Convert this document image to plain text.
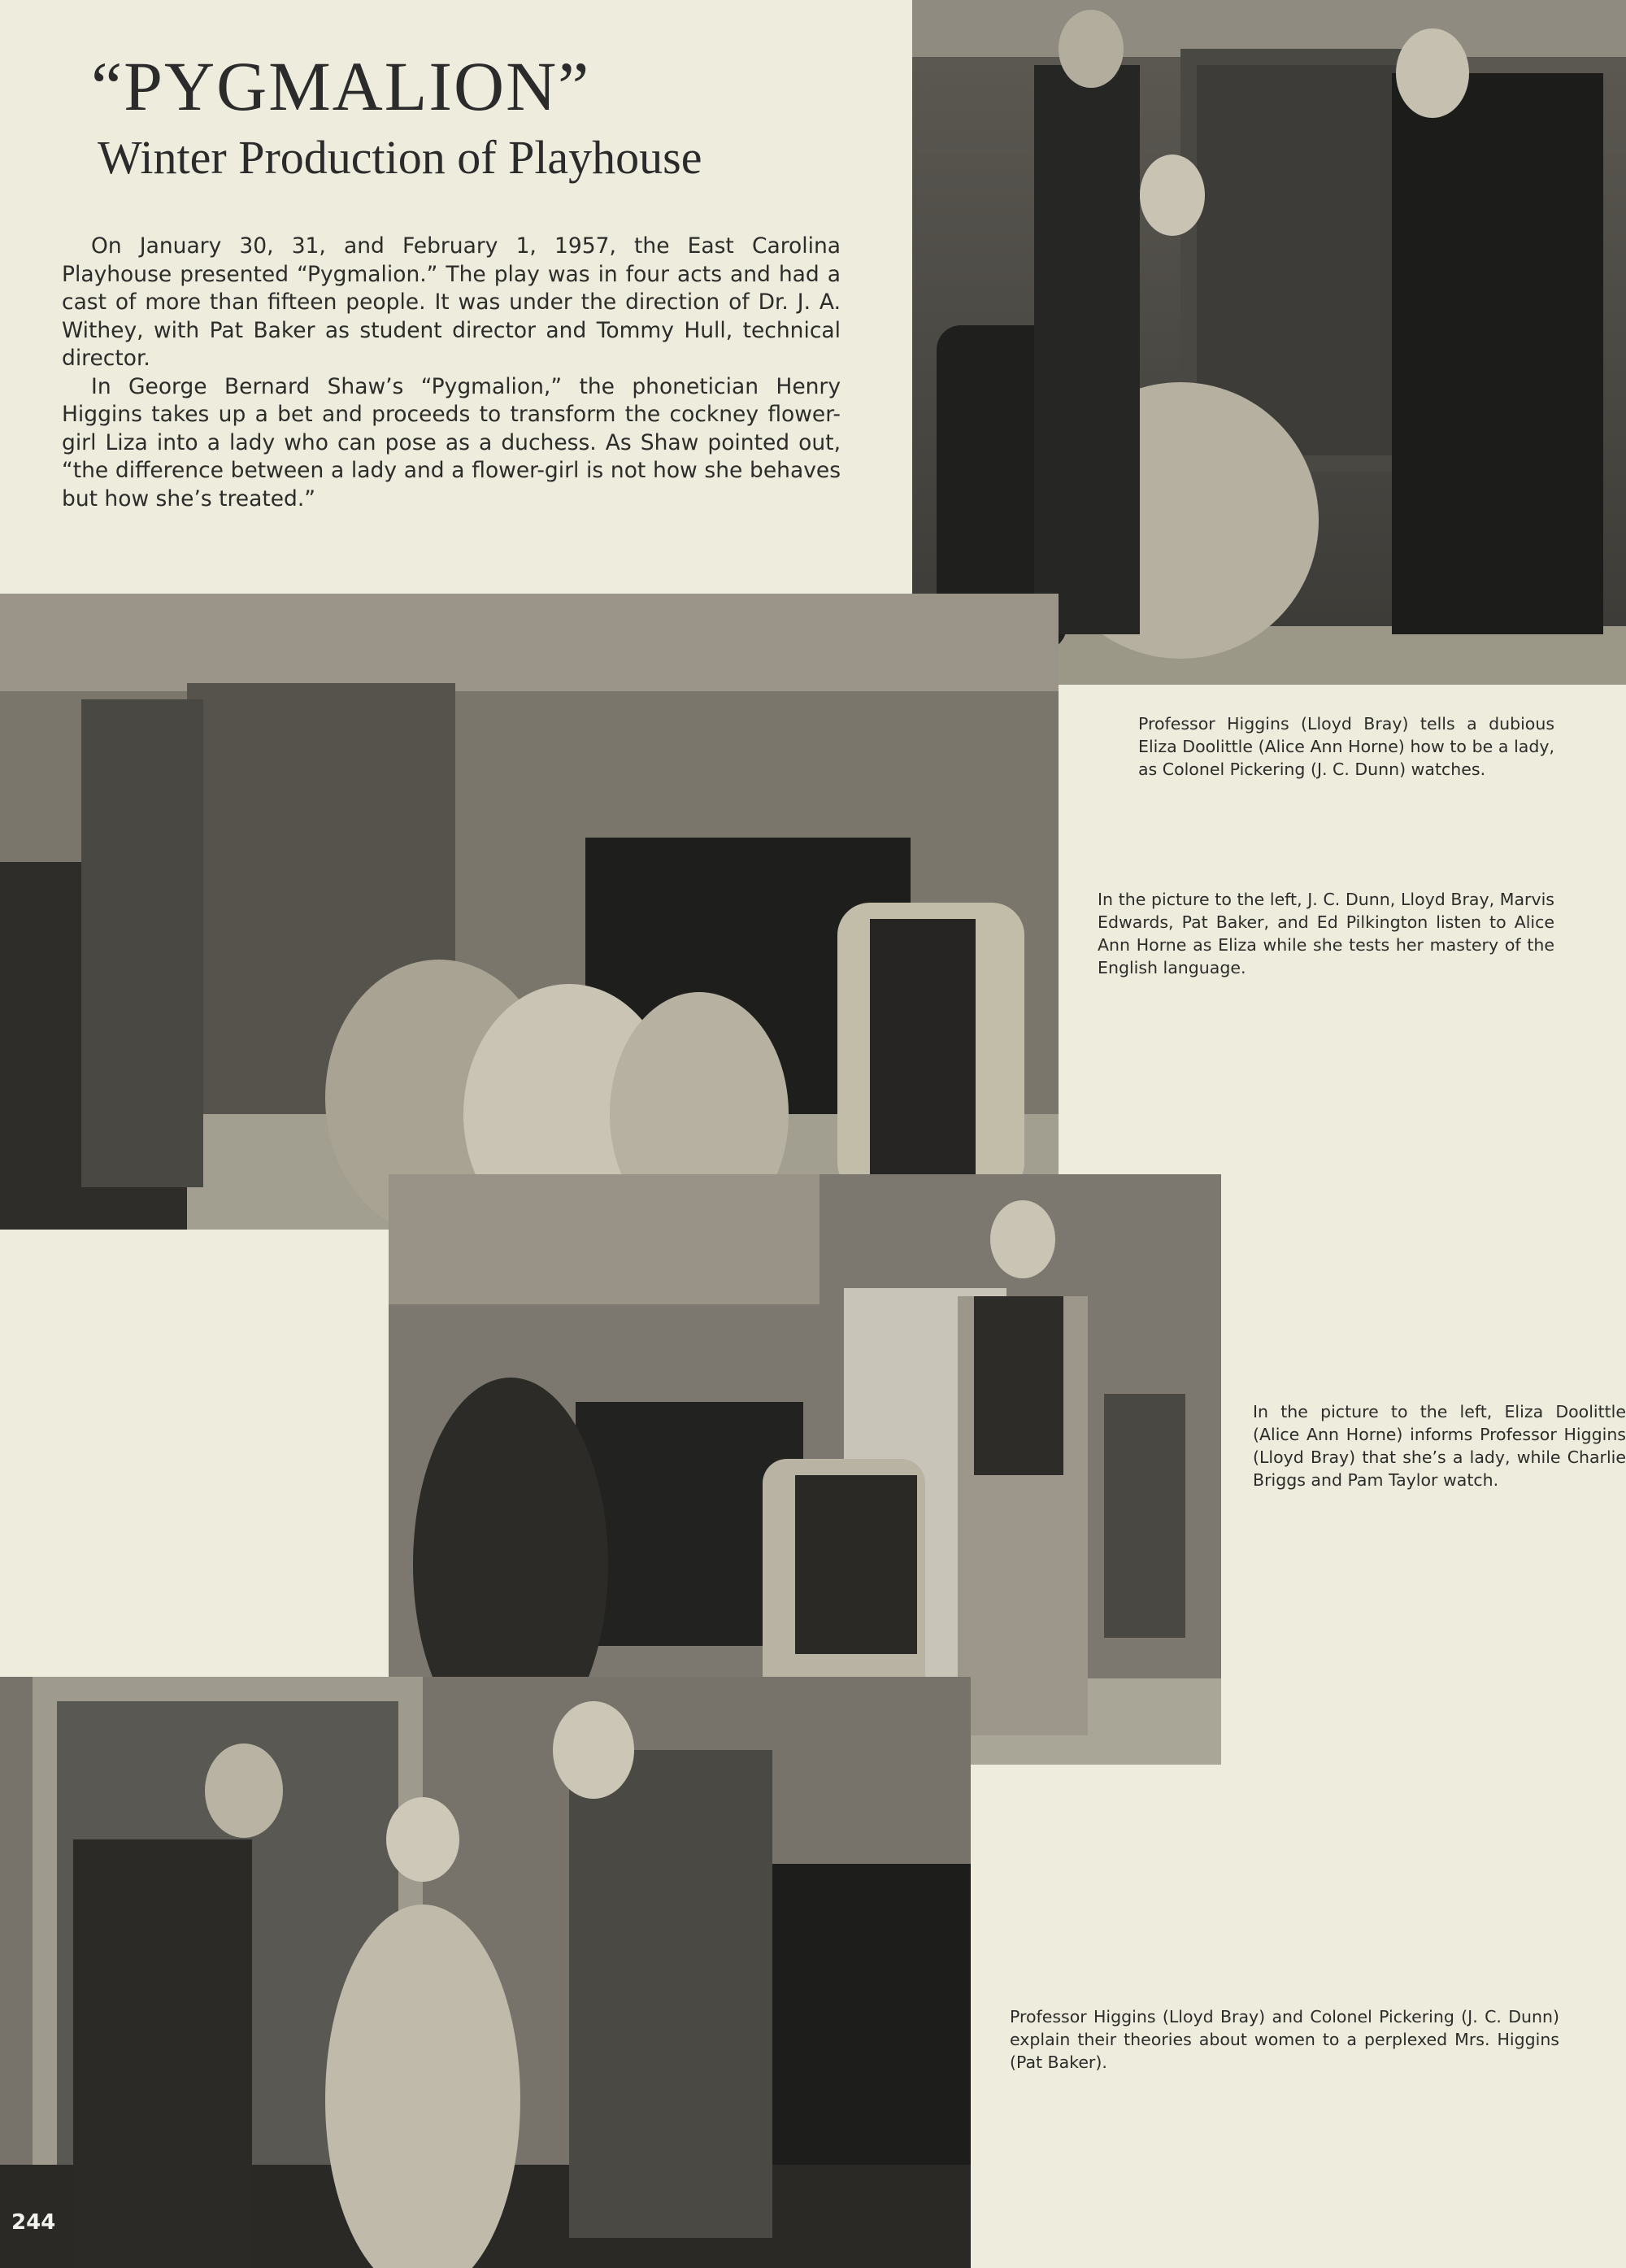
“PYGMALION”
Winter Production of Playhouse

On January 30, 31, and February 1, 1957, the East Carolina Playhouse presented “Pygmalion.” The play was in four acts and had a cast of more than fifteen people. It was under the direction of Dr. J. A. Withey, with Pat Baker as student director and Tommy Hull, technical director.

In George Bernard Shaw’s “Pygmalion,” the phonetician Henry Higgins takes up a bet and proceeds to transform the cockney flower-girl Liza into a lady who can pose as a duchess. As Shaw pointed out, “the difference between a lady and a flower-girl is not how she behaves but how she’s treated.”

Professor Higgins (Lloyd Bray) tells a dubious Eliza Doolittle (Alice Ann Horne) how to be a lady, as Colonel Pickering (J. C. Dunn) watches.
In the picture to the left, J. C. Dunn, Lloyd Bray, Marvis Edwards, Pat Baker, and Ed Pilkington listen to Alice Ann Horne as Eliza while she tests her mastery of the English language.
In the picture to the left, Eliza Doolittle (Alice Ann Horne) informs Professor Higgins (Lloyd Bray) that she’s a lady, while Charlie Briggs and Pam Taylor watch.
Professor Higgins (Lloyd Bray) and Colonel Pickering (J. C. Dunn) explain their theories about women to a perplexed Mrs. Higgins (Pat Baker).
244
